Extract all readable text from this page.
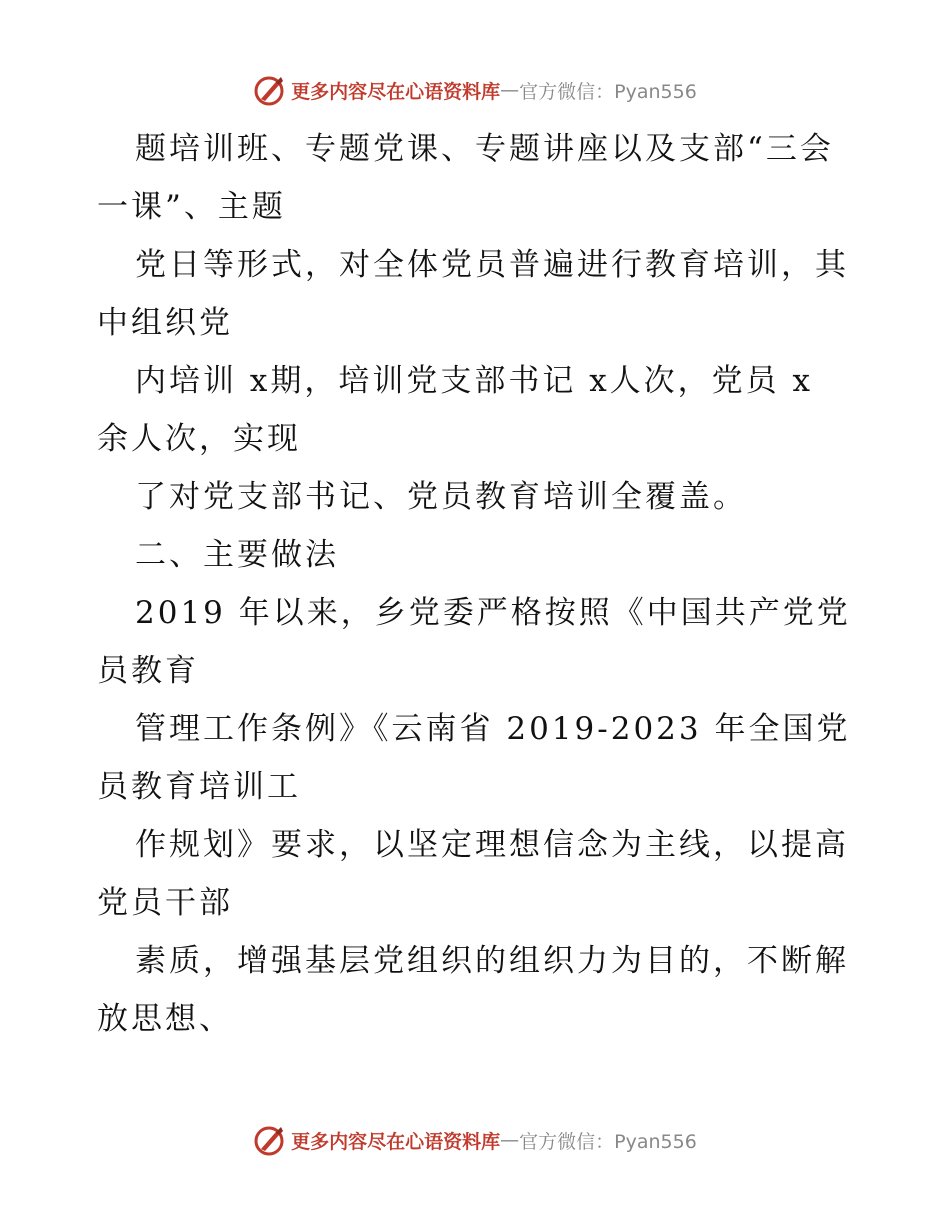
更多内容尽在心语资料库 — 官方微信：Pyan556
题培训班、专题党课、专题讲座以及支部“三会
一课”、主题
党日等形式，对全体党员普遍进行教育培训，其
中组织党
内培训 x期，培训党支部书记 x人次，党员 x
余人次，实现
了对党支部书记、党员教育培训全覆盖。
二、主要做法
2019 年以来，乡党委严格按照《中国共产党党
员教育
管理工作条例》《云南省 2019-2023 年全国党
员教育培训工
作规划》要求，以坚定理想信念为主线，以提高
党员干部
素质，增强基层党组织的组织力为目的，不断解
放思想、
更多内容尽在心语资料库 — 官方微信：Pyan556
